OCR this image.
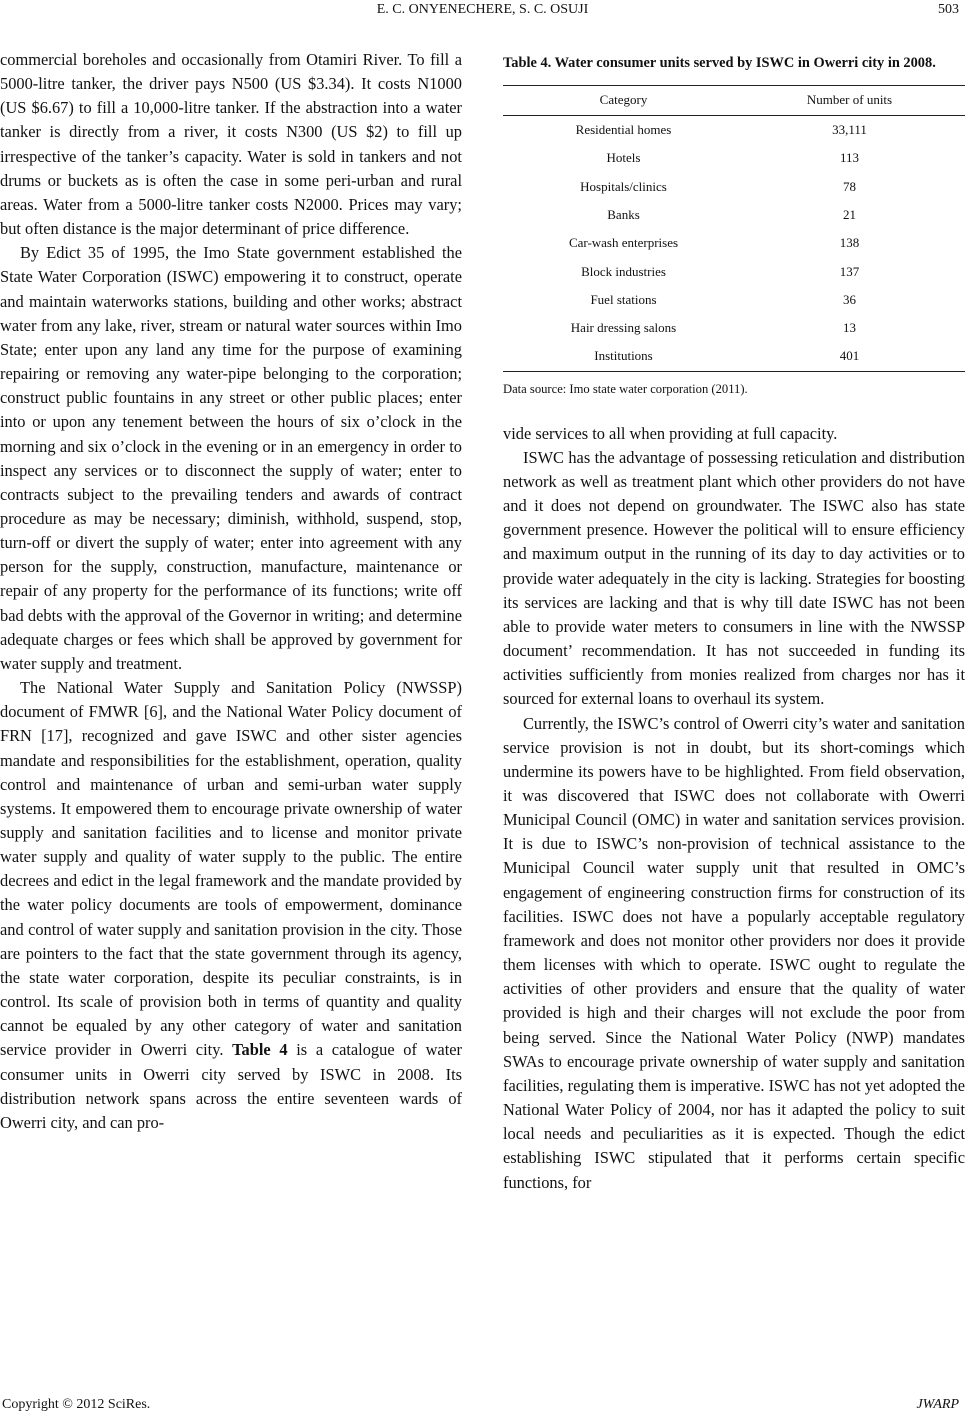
E. C. ONYENECHERE, S. C. OSUJI	503

commercial boreholes and occasionally from Otamiri River. To fill a 5000-litre tanker, the driver pays N500 (US $3.34). It costs N1000 (US $6.67) to fill a 10,000-litre tanker. If the abstraction into a water tanker is directly from a river, it costs N300 (US $2) to fill up irrespective of the tanker’s capacity. Water is sold in tankers and not drums or buckets as is often the case in some peri-urban and rural areas. Water from a 5000-litre tanker costs N2000. Prices may vary; but often distance is the major determinant of price difference.

By Edict 35 of 1995, the Imo State government established the State Water Corporation (ISWC) empowering it to construct, operate and maintain waterworks stations, building and other works; abstract water from any lake, river, stream or natural water sources within Imo State; enter upon any land any time for the purpose of examining repairing or removing any water-pipe belonging to the corporation; construct public fountains in any street or other public places; enter into or upon any tenement between the hours of six o’clock in the morning and six o’clock in the evening or in an emergency in order to inspect any services or to disconnect the supply of water; enter to contracts subject to the prevailing tenders and awards of contract procedure as may be necessary; diminish, withhold, suspend, stop, turn-off or divert the supply of water; enter into agreement with any person for the supply, construction, manufacture, maintenance or repair of any property for the performance of its functions; write off bad debts with the approval of the Governor in writing; and determine adequate charges or fees which shall be approved by government for water supply and treatment.

The National Water Supply and Sanitation Policy (NWSSP) document of FMWR [6], and the National Water Policy document of FRN [17], recognized and gave ISWC and other sister agencies mandate and responsibilities for the establishment, operation, quality control and maintenance of urban and semi-urban water supply systems. It empowered them to encourage private ownership of water supply and sanitation facilities and to license and monitor private water supply and quality of water supply to the public. The entire decrees and edict in the legal framework and the mandate provided by the water policy documents are tools of empowerment, dominance and control of water supply and sanitation provision in the city. Those are pointers to the fact that the state government through its agency, the state water corporation, despite its peculiar constraints, is in control. Its scale of provision both in terms of quantity and quality cannot be equaled by any other category of water and sanitation service provider in Owerri city. Table 4 is a catalogue of water consumer units in Owerri city served by ISWC in 2008. Its distribution network spans across the entire seventeen wards of Owerri city, and can pro-

Table 4. Water consumer units served by ISWC in Owerri city in 2008.
Category	Number of units
Residential homes	33,111
Hotels	113
Hospitals/clinics	78
Banks	21
Car-wash enterprises	138
Block industries	137
Fuel stations	36
Hair dressing salons	13
Institutions	401
Data source: Imo state water corporation (2011).

vide services to all when providing at full capacity.

ISWC has the advantage of possessing reticulation and distribution network as well as treatment plant which other providers do not have and it does not depend on groundwater. The ISWC also has state government presence. However the political will to ensure efficiency and maximum output in the running of its day to day activities or to provide water adequately in the city is lacking. Strategies for boosting its services are lacking and that is why till date ISWC has not been able to provide water meters to consumers in line with the NWSSP document’ recommendation. It has not succeeded in funding its activities sufficiently from monies realized from charges nor has it sourced for external loans to overhaul its system.

Currently, the ISWC’s control of Owerri city’s water and sanitation service provision is not in doubt, but its short-comings which undermine its powers have to be highlighted. From field observation, it was discovered that ISWC does not collaborate with Owerri Municipal Council (OMC) in water and sanitation services provision. It is due to ISWC’s non-provision of technical assistance to the Municipal Council water supply unit that resulted in OMC’s engagement of engineering construction firms for construction of its facilities. ISWC does not have a popularly acceptable regulatory framework and does not monitor other providers nor does it provide them licenses with which to operate. ISWC ought to regulate the activities of other providers and ensure that the quality of water provided is high and their charges will not exclude the poor from being served. Since the National Water Policy (NWP) mandates SWAs to encourage private ownership of water supply and sanitation facilities, regulating them is imperative. ISWC has not yet adopted the National Water Policy of 2004, nor has it adapted the policy to suit local needs and peculiarities as it is expected. Though the edict establishing ISWC stipulated that it performs certain specific functions, for

Copyright © 2012 SciRes.	JWARP
